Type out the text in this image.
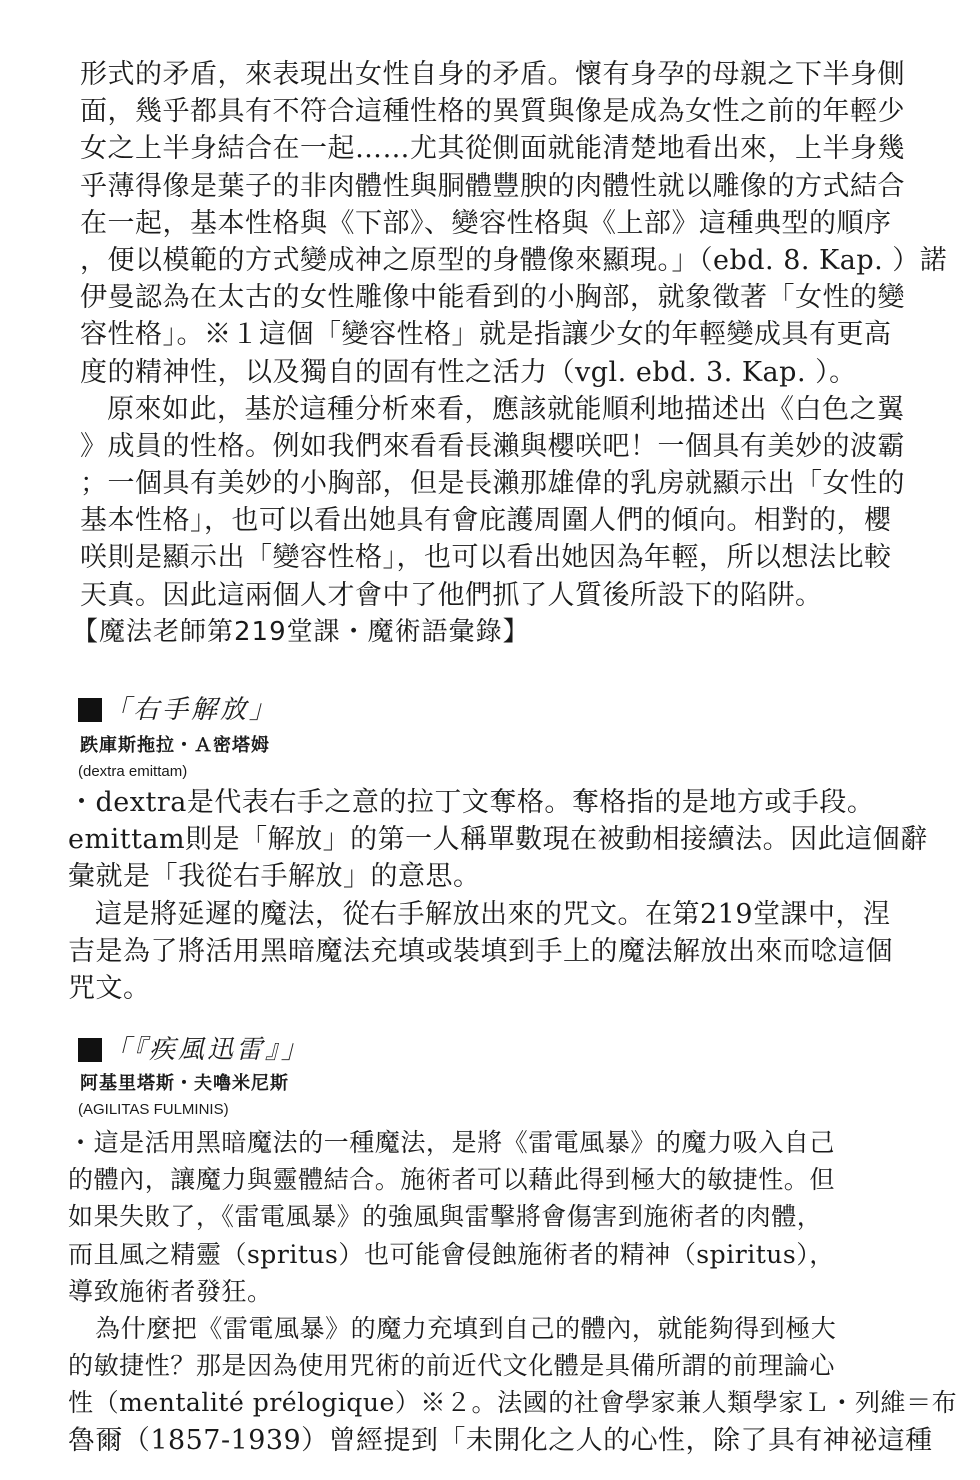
形式的矛盾，來表現出女性自身的矛盾。懷有身孕的母親之下半身側
面，幾乎都具有不符合這種性格的異質與像是成為女性之前的年輕少
女之上半身結合在一起……尤其從側面就能清楚地看出來，上半身幾
乎薄得像是葉子的非肉體性與胴體豐腴的肉體性就以雕像的方式結合
在一起，基本性格與《下部》、變容性格與《上部》這種典型的順序
，便以模範的方式變成神之原型的身體像來顯現。」（ebd. 8. Kap. ）諾
伊曼認為在太古的女性雕像中能看到的小胸部，就象徵著「女性的變
容性格」。※１這個「變容性格」就是指讓少女的年輕變成具有更高
度的精神性，以及獨自的固有性之活力（vgl. ebd. 3. Kap. ）。
原來如此，基於這種分析來看，應該就能順利地描述出《白色之翼
》成員的性格。例如我們來看看長瀨與櫻咲吧！一個具有美妙的波霸
；一個具有美妙的小胸部，但是長瀨那雄偉的乳房就顯示出「女性的
基本性格」，也可以看出她具有會庇護周圍人們的傾向。相對的，櫻
咲則是顯示出「變容性格」，也可以看出她因為年輕，所以想法比較
天真。因此這兩個人才會中了他們抓了人質後所設下的陷阱。
【魔法老師第219堂課・魔術語彙錄】
「右手解放」
跌庫斯拖拉・Ａ密塔姆
(dextra emittam)
・dextra是代表右手之意的拉丁文奪格。奪格指的是地方或手段。
emittam則是「解放」的第一人稱單數現在被動相接續法。因此這個辭
彙就是「我從右手解放」的意思。
這是將延遲的魔法，從右手解放出來的咒文。在第219堂課中，涅
吉是為了將活用黑暗魔法充填或裝填到手上的魔法解放出來而唸這個
咒文。
「『疾風迅雷』」
阿基里塔斯・夫嚕米尼斯
(AGILITAS FULMINIS)
・這是活用黑暗魔法的一種魔法，是將《雷電風暴》的魔力吸入自己
的體內，讓魔力與靈體結合。施術者可以藉此得到極大的敏捷性。但
如果失敗了，《雷電風暴》的強風與雷擊將會傷害到施術者的肉體，
而且風之精靈（spritus）也可能會侵蝕施術者的精神（spiritus），
導致施術者發狂。
為什麼把《雷電風暴》的魔力充填到自己的體內，就能夠得到極大
的敏捷性？那是因為使用咒術的前近代文化體是具備所謂的前理論心
性（mentalité prélogique）※２。法國的社會學家兼人類學家Ｌ・列維＝布
魯爾（1857-1939）曾經提到「未開化之人的心性，除了具有神祕這種
